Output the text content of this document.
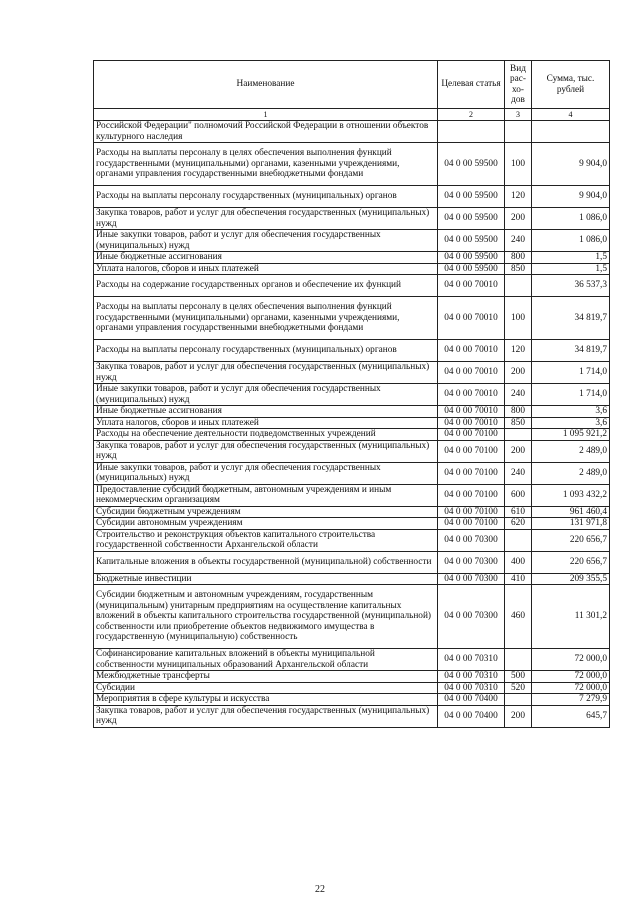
Наименование	Целевая статья	Вид рас-хо-дов	Сумма, тыс. рублей
1	2	3	4
Российской Федерации" полномочий Российской Федерации в отношении объектов культурного наследия			
Расходы на выплаты персоналу в целях обеспечения выполнения функций государственными (муниципальными) органами, казенными учреждениями, органами управления государственными внебюджетными фондами	04 0 00 59500	100	9 904,0
Расходы на выплаты персоналу государственных (муниципальных) органов	04 0 00 59500	120	9 904,0
Закупка товаров, работ и услуг для обеспечения государственных (муниципальных) нужд	04 0 00 59500	200	1 086,0
Иные закупки товаров, работ и услуг для обеспечения государственных (муниципальных) нужд	04 0 00 59500	240	1 086,0
Иные бюджетные ассигнования	04 0 00 59500	800	1,5
Уплата налогов, сборов и иных платежей	04 0 00 59500	850	1,5
Расходы на содержание государственных органов и обеспечение их функций	04 0 00 70010		36 537,3
Расходы на выплаты персоналу в целях обеспечения выполнения функций государственными (муниципальными) органами, казенными учреждениями, органами управления государственными внебюджетными фондами	04 0 00 70010	100	34 819,7
Расходы на выплаты персоналу государственных (муниципальных) органов	04 0 00 70010	120	34 819,7
Закупка товаров, работ и услуг для обеспечения государственных (муниципальных) нужд	04 0 00 70010	200	1 714,0
Иные закупки товаров, работ и услуг для обеспечения государственных (муниципальных) нужд	04 0 00 70010	240	1 714,0
Иные бюджетные ассигнования	04 0 00 70010	800	3,6
Уплата налогов, сборов и иных платежей	04 0 00 70010	850	3,6
Расходы на обеспечение деятельности подведомственных учреждений	04 0 00 70100		1 095 921,2
Закупка товаров, работ и услуг для обеспечения государственных (муниципальных) нужд	04 0 00 70100	200	2 489,0
Иные закупки товаров, работ и услуг для обеспечения государственных (муниципальных) нужд	04 0 00 70100	240	2 489,0
Предоставление субсидий бюджетным, автономным учреждениям и иным некоммерческим организациям	04 0 00 70100	600	1 093 432,2
Субсидии бюджетным учреждениям	04 0 00 70100	610	961 460,4
Субсидии автономным учреждениям	04 0 00 70100	620	131 971,8
Строительство и реконструкция объектов капитального строительства государственной собственности Архангельской области	04 0 00 70300		220 656,7
Капитальные вложения в объекты государственной (муниципальной) собственности	04 0 00 70300	400	220 656,7
Бюджетные инвестиции	04 0 00 70300	410	209 355,5
Субсидии бюджетным и автономным учреждениям, государственным (муниципальным) унитарным предприятиям на осуществление капитальных вложений в объекты капитального строительства государственной (муниципальной) собственности или приобретение объектов недвижимого имущества в государственную (муниципальную) собственность	04 0 00 70300	460	11 301,2
Софинансирование капитальных вложений в объекты муниципальной собственности муниципальных образований Архангельской области	04 0 00 70310		72 000,0
Межбюджетные трансферты	04 0 00 70310	500	72 000,0
Субсидии	04 0 00 70310	520	72 000,0
Мероприятия в сфере культуры и искусства	04 0 00 70400		7 279,9
Закупка товаров, работ и услуг для обеспечения государственных (муниципальных) нужд	04 0 00 70400	200	645,7
22
